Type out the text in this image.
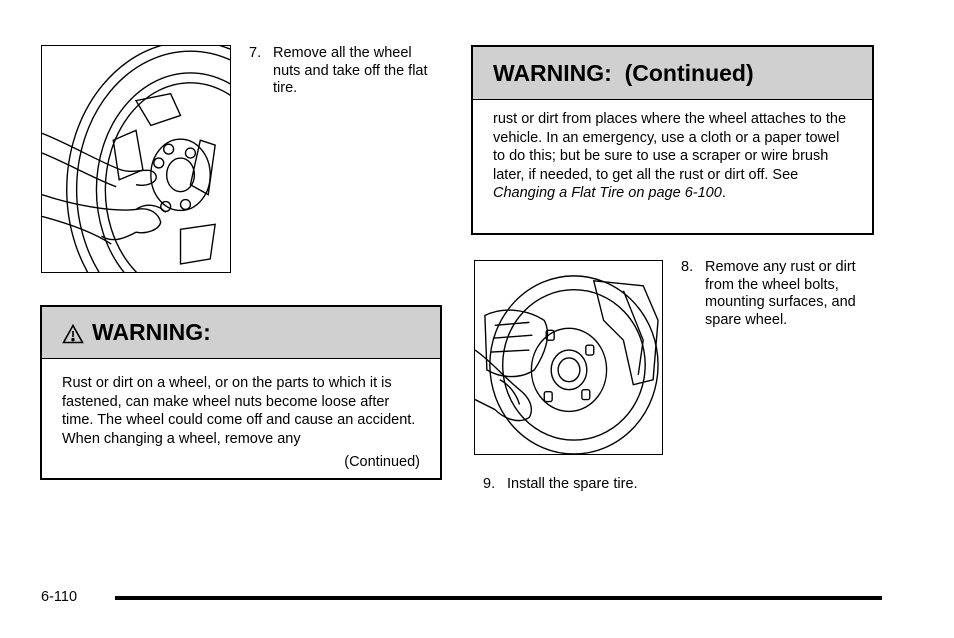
7. Remove all the wheel nuts and take off the flat tire.
WARNING:
Rust or dirt on a wheel, or on the parts to which it is fastened, can make wheel nuts become loose after time. The wheel could come off and cause an accident. When changing a wheel, remove any
(Continued)
WARNING:  (Continued)
rust or dirt from places where the wheel attaches to the vehicle. In an emergency, use a cloth or a paper towel to do this; but be sure to use a scraper or wire brush later, if needed, to get all the rust or dirt off. See Changing a Flat Tire on page 6-100.
8. Remove any rust or dirt from the wheel bolts, mounting surfaces, and spare wheel.
9. Install the spare tire.
6-110
